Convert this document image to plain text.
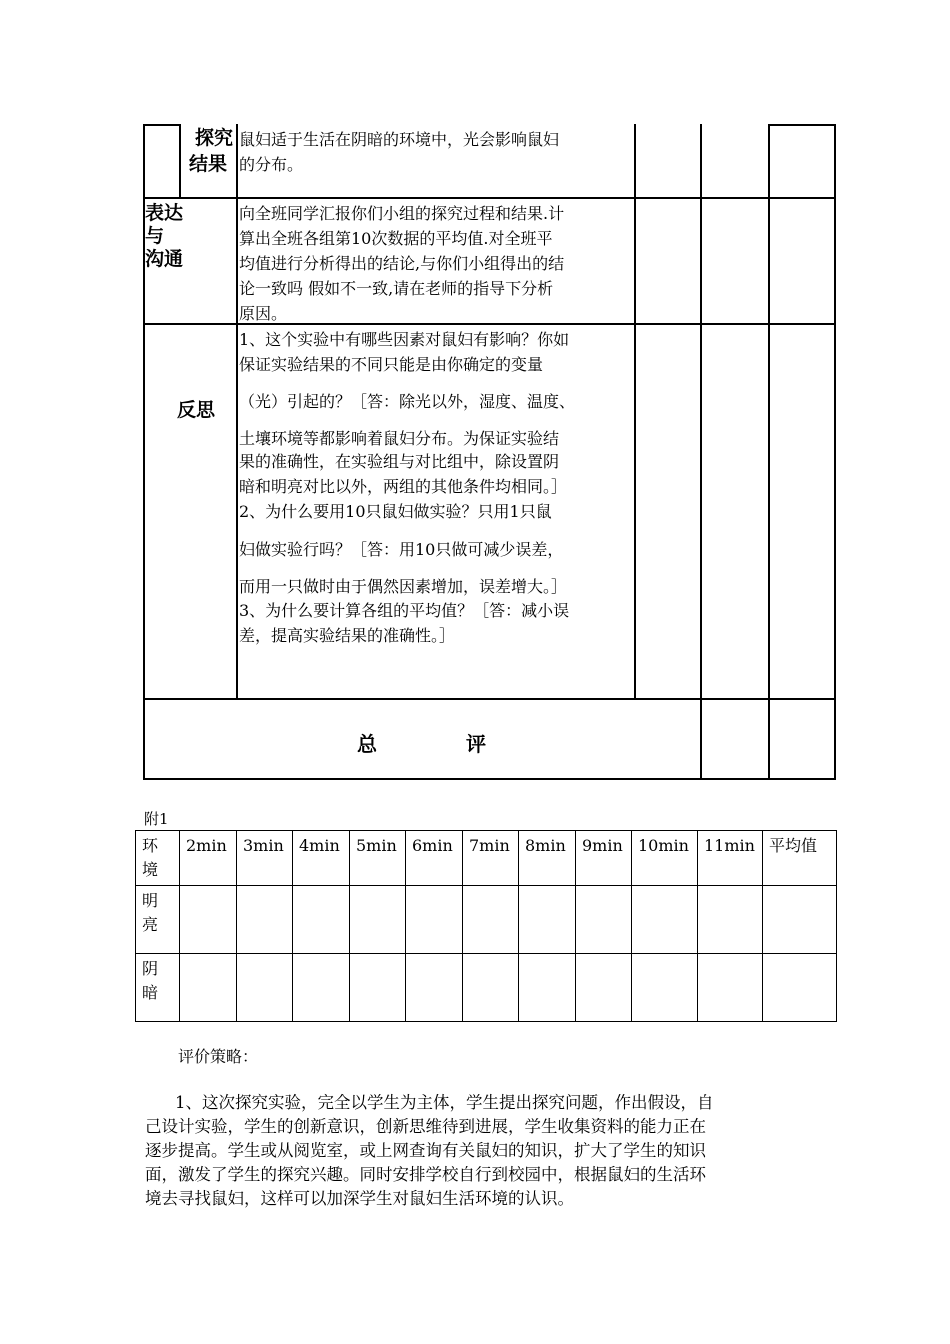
探究
结果
鼠妇适于生活在阴暗的环境中，光会影响鼠妇
的分布。
表达
与
沟通
向全班同学汇报你们小组的探究过程和结果.计
算出全班各组第10次数据的平均值.对全班平
均值进行分析得出的结论,与你们小组得出的结
论一致吗 假如不一致,请在老师的指导下分析
原因。
反思
1、这个实验中有哪些因素对鼠妇有影响？你如
保证实验结果的不同只能是由你确定的变量
（光）引起的？［答：除光以外，湿度、温度、
土壤环境等都影响着鼠妇分布。为保证实验结
果的准确性，在实验组与对比组中，除设置阴
暗和明亮对比以外，两组的其他条件均相同。］
2、为什么要用10只鼠妇做实验？只用1只鼠
妇做实验行吗？［答：用10只做可减少误差，
而用一只做时由于偶然因素增加，误差增大。］
3、为什么要计算各组的平均值？［答：减小误
差，提高实验结果的准确性。］
总	评
附1
环境	2min	3min	4min	5min	6min	7min	8min	9min	10min	11min	平均值
明亮											
阴暗											
评价策略：
1、这次探究实验，完全以学生为主体，学生提出探究问题，作出假设，自
己设计实验，学生的创新意识，创新思维待到进展，学生收集资料的能力正在
逐步提高。学生或从阅览室，或上网查询有关鼠妇的知识，扩大了学生的知识
面，激发了学生的探究兴趣。同时安排学校自行到校园中，根据鼠妇的生活环
境去寻找鼠妇，这样可以加深学生对鼠妇生活环境的认识。
